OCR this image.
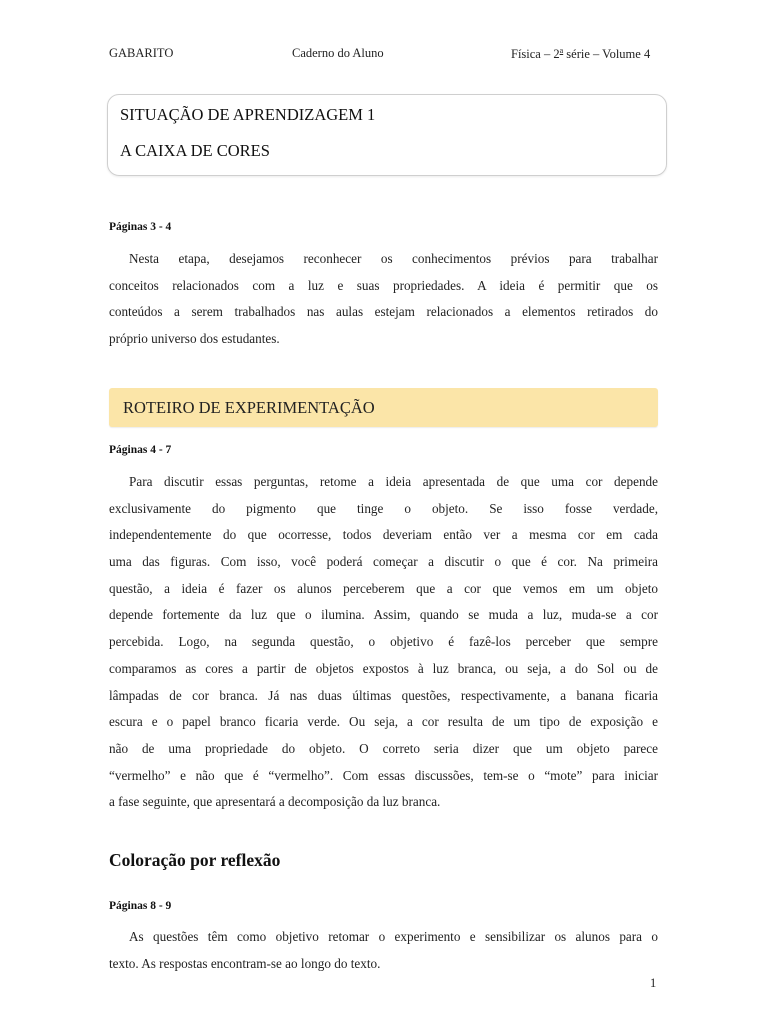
GABARITO	Caderno do Aluno	Física – 2$^a$ série – Volume 4
SITUAÇÃO DE APRENDIZAGEM 1
A CAIXA DE CORES
Páginas 3 - 4
Nesta etapa, desejamos reconhecer os conhecimentos prévios para trabalhar
conceitos relacionados com a luz e suas propriedades. A ideia é permitir que os
conteúdos a serem trabalhados nas aulas estejam relacionados a elementos retirados do
próprio universo dos estudantes.
ROTEIRO DE EXPERIMENTAÇÃO
Páginas 4 - 7
Para discutir essas perguntas, retome a ideia apresentada de que uma cor depende
exclusivamente do pigmento que tinge o objeto. Se isso fosse verdade,
independentemente do que ocorresse, todos deveriam então ver a mesma cor em cada
uma das figuras. Com isso, você poderá começar a discutir o que é cor. Na primeira
questão, a ideia é fazer os alunos perceberem que a cor que vemos em um objeto
depende fortemente da luz que o ilumina. Assim, quando se muda a luz, muda-se a cor
percebida. Logo, na segunda questão, o objetivo é fazê-los perceber que sempre
comparamos as cores a partir de objetos expostos à luz branca, ou seja, a do Sol ou de
lâmpadas de cor branca. Já nas duas últimas questões, respectivamente, a banana ficaria
escura e o papel branco ficaria verde. Ou seja, a cor resulta de um tipo de exposição e
não de uma propriedade do objeto. O correto seria dizer que um objeto parece
“vermelho” e não que é “vermelho”. Com essas discussões, tem-se o “mote” para iniciar
a fase seguinte, que apresentará a decomposição da luz branca.
Coloração por reflexão
Páginas 8 - 9
As questões têm como objetivo retomar o experimento e sensibilizar os alunos para o
texto. As respostas encontram-se ao longo do texto.
1
